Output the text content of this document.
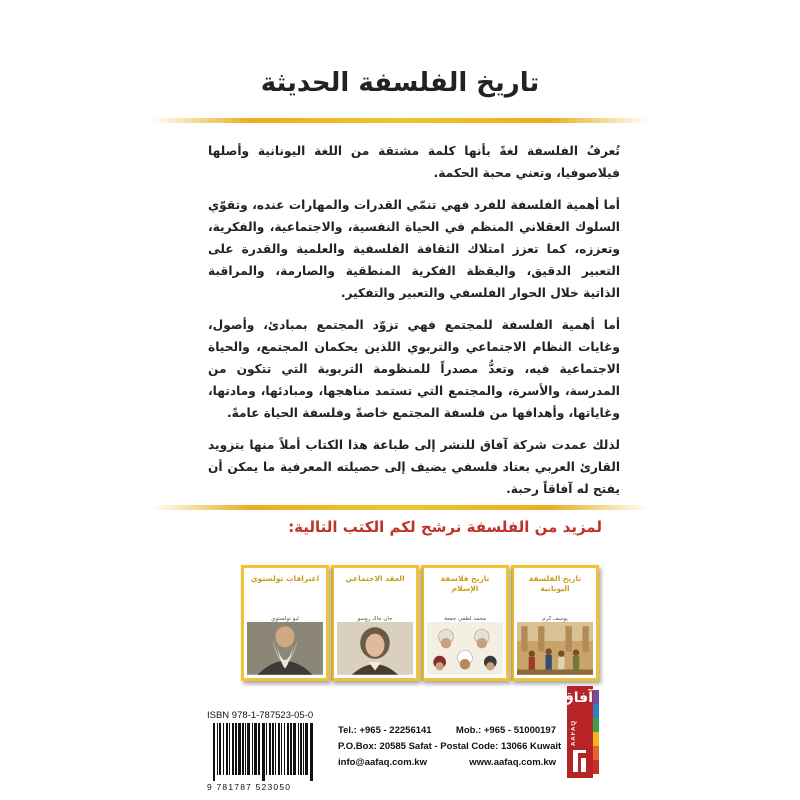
تاريخ الفلسفة الحديثة

تُعرفُ الفلسفة لغةً بأنها كلمة مشتقة من اللغة اليونانية وأصلها فيلاصوفيا، وتعني محبة الحكمة.

أما أهمية الفلسفة للفرد فهي تنمّي القدرات والمهارات عنده، وتقوّي السلوك العقلاني المنظم في الحياة النفسية، والاجتماعية، والفكرية، وتعززه، كما تعزز امتلاك الثقافة الفلسفية والعلمية والقدرة على التعبير الدقيق، واليقظة الفكرية المنطقية والصارمة، والمراقبة الذاتية خلال الحوار الفلسفي والتعبير والتفكير.

أما أهمية الفلسفة للمجتمع فهي تزوّد المجتمع بمبادئ، وأصول، وغايات النظام الاجتماعي والتربوي اللذين يحكمان المجتمع، والحياة الاجتماعية فيه، وتعدُّ مصدراً للمنظومة التربوية التي تتكون من المدرسة، والأسرة، والمجتمع التي تستمد مناهجها، ومبادئها، ومادتها، وغاياتها، وأهدافها من فلسفة المجتمع خاصةً وفلسفة الحياة عامةً.

لذلك عمدت شركة آفاق للنشر إلى طباعة هذا الكتاب أملاً منها بتزويد القارئ العربي بعتاد فلسفي يضيف إلى حصيلته المعرفية ما يمكن أن يفتح له آفاقاً رحبة.

لمزيد من الفلسفة نرشح لكم الكتب التالية:
تاريخ الفلسفة اليونانية
يوسف كرم
تاريخ فلاسفة الإسلام
محمد لطفي جمعة
العقد الاجتماعي
جان جاك روسو
اعترافات تولستوي
ليو تولستوي
ISBN 978-1-787523-05-0
9 781787 523050
Tel.: +965 - 22256141	Mob.: +965 - 51000197
P.O.Box: 20585 Safat - Postal Code: 13066 Kuwait
info@aafaq.com.kw	www.aafaq.com.kw
آفاق
AAFAQ
